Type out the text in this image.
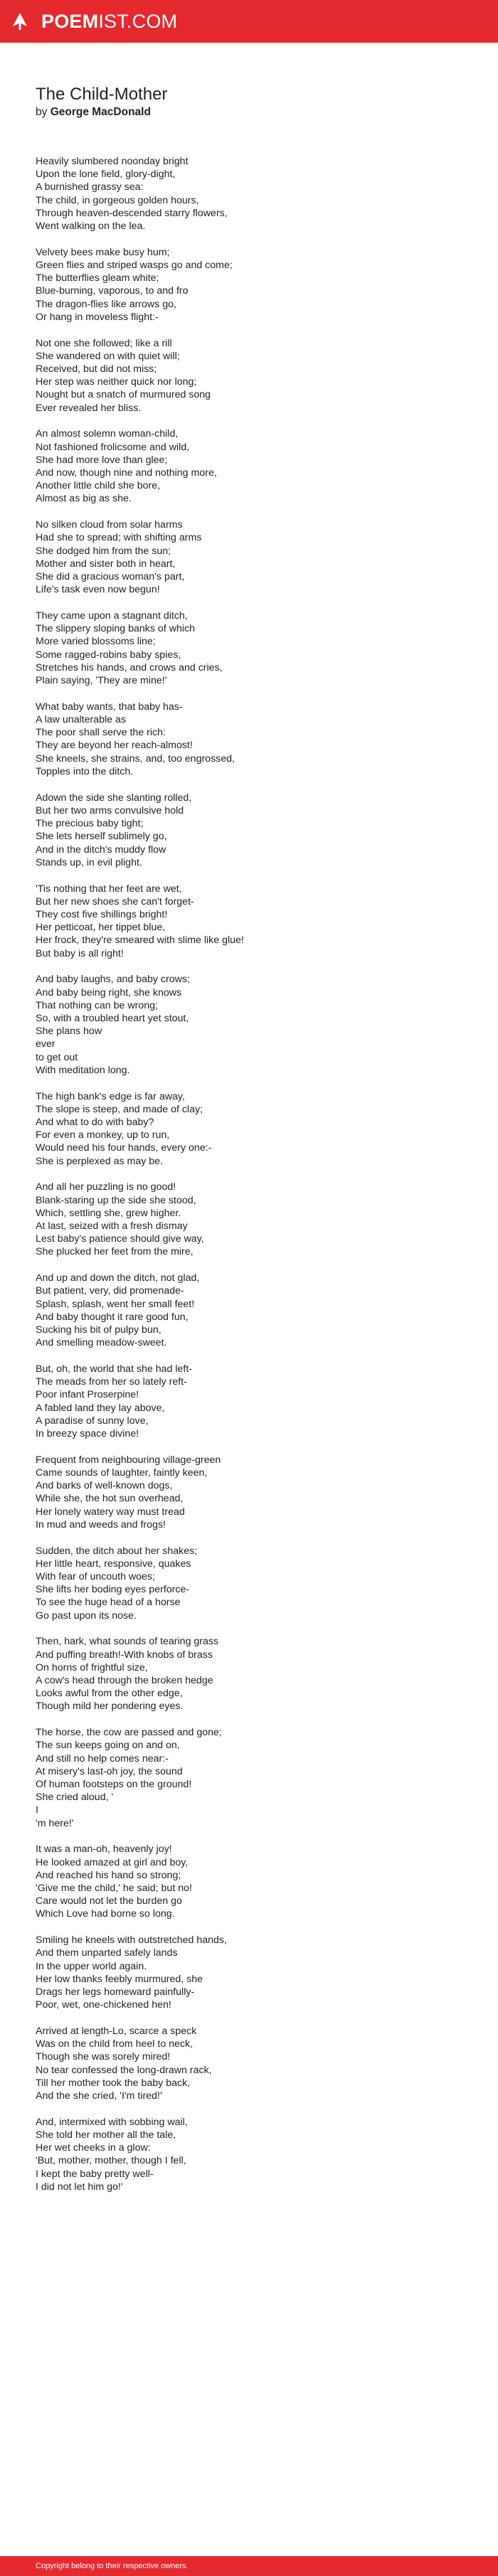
POEMIST.COM
The Child-Mother
by George MacDonald
Heavily slumbered noonday bright
Upon the lone field, glory-dight,
A burnished grassy sea:
The child, in gorgeous golden hours,
Through heaven-descended starry flowers,
Went walking on the lea.
Velvety bees make busy hum;
Green flies and striped wasps go and come;
The butterflies gleam white;
Blue-burning, vaporous, to and fro
The dragon-flies like arrows go,
Or hang in moveless flight:-
Not one she followed; like a rill
She wandered on with quiet will;
Received, but did not miss;
Her step was neither quick nor long;
Nought but a snatch of murmured song
Ever revealed her bliss.
An almost solemn woman-child,
Not fashioned frolicsome and wild,
She had more love than glee;
And now, though nine and nothing more,
Another little child she bore,
Almost as big as she.
No silken cloud from solar harms
Had she to spread; with shifting arms
She dodged him from the sun;
Mother and sister both in heart,
She did a gracious woman's part,
Life's task even now begun!
They came upon a stagnant ditch,
The slippery sloping banks of which
More varied blossoms line;
Some ragged-robins baby spies,
Stretches his hands, and crows and cries,
Plain saying, 'They are mine!'
What baby wants, that baby has-
A law unalterable as
The poor shall serve the rich:
They are beyond her reach-almost!
She kneels, she strains, and, too engrossed,
Topples into the ditch.
Adown the side she slanting rolled,
But her two arms convulsive hold
The precious baby tight;
She lets herself sublimely go,
And in the ditch's muddy flow
Stands up, in evil plight.
'Tis nothing that her feet are wet,
But her new shoes she can't forget-
They cost five shillings bright!
Her petticoat, her tippet blue,
Her frock, they're smeared with slime like glue!
But baby is all right!
And baby laughs, and baby crows;
And baby being right, she knows
That nothing can be wrong;
So, with a troubled heart yet stout,
She plans how
ever
to get out
With meditation long.
The high bank's edge is far away,
The slope is steep, and made of clay;
And what to do with baby?
For even a monkey, up to run,
Would need his four hands, every one:-
She is perplexed as may be.
And all her puzzling is no good!
Blank-staring up the side she stood,
Which, settling she, grew higher.
At last, seized with a fresh dismay
Lest baby's patience should give way,
She plucked her feet from the mire,
And up and down the ditch, not glad,
But patient, very, did promenade-
Splash, splash, went her small feet!
And baby thought it rare good fun,
Sucking his bit of pulpy bun,
And smelling meadow-sweet.
But, oh, the world that she had left-
The meads from her so lately reft-
Poor infant Proserpine!
A fabled land they lay above,
A paradise of sunny love,
In breezy space divine!
Frequent from neighbouring village-green
Came sounds of laughter, faintly keen,
And barks of well-known dogs,
While she, the hot sun overhead,
Her lonely watery way must tread
In mud and weeds and frogs!
Sudden, the ditch about her shakes;
Her little heart, responsive, quakes
With fear of uncouth woes;
She lifts her boding eyes perforce-
To see the huge head of a horse
Go past upon its nose.
Then, hark, what sounds of tearing grass
And puffing breath!-With knobs of brass
On horns of frightful size,
A cow's head through the broken hedge
Looks awful from the other edge,
Though mild her pondering eyes.
The horse, the cow are passed and gone;
The sun keeps going on and on,
And still no help comes near:-
At misery's last-oh joy, the sound
Of human footsteps on the ground!
She cried aloud, '
I
'm here!'
It was a man-oh, heavenly joy!
He looked amazed at girl and boy,
And reached his hand so strong;
'Give me the child,' he said; but no!
Care would not let the burden go
Which Love had borne so long.
Smiling he kneels with outstretched hands,
And them unparted safely lands
In the upper world again.
Her low thanks feebly murmured, she
Drags her legs homeward painfully-
Poor, wet, one-chickened hen!
Arrived at length-Lo, scarce a speck
Was on the child from heel to neck,
Though she was sorely mired!
No tear confessed the long-drawn rack,
Till her mother took the baby back,
And the she cried, 'I'm tired!'
And, intermixed with sobbing wail,
She told her mother all the tale,
Her wet cheeks in a glow:
'But, mother, mother, though I fell,
I kept the baby pretty well-
I did not let him go!'
Copyright belong to their respective owners.
